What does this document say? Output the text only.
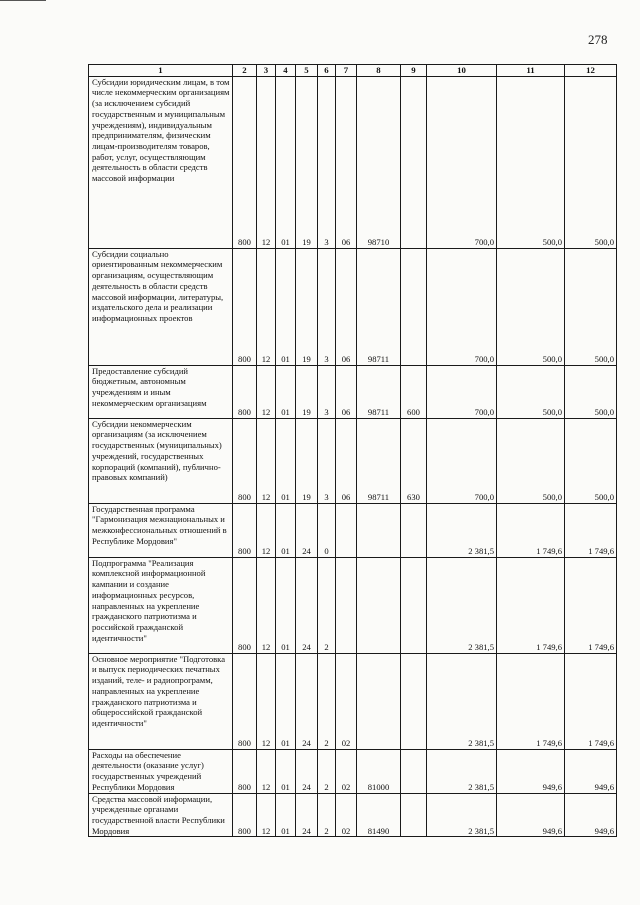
278
1	2	3	4	5	6	7	8	9	10	11	12
Субсидии юридическим лицам, в том числе некоммерческим организациям (за исключением субсидий государственным и муниципальным учреждениям), индивидуальным предпринимателям, физическим лицам-производителям товаров, работ, услуг, осуществляющим деятельность в области средств массовой информации	800	12	01	19	3	06	98710		700,0	500,0	500,0
Субсидии социально ориентированным некоммерческим организациям, осуществляющим деятельность в области средств массовой информации, литературы, издательского дела и реализации информационных проектов	800	12	01	19	3	06	98711		700,0	500,0	500,0
Предоставление субсидий бюджетным, автономным учреждениям и иным некоммерческим организациям	800	12	01	19	3	06	98711	600	700,0	500,0	500,0
Субсидии некоммерческим организациям (за исключением государственных (муниципальных) учреждений, государственных корпораций (компаний), публично-правовых компаний)	800	12	01	19	3	06	98711	630	700,0	500,0	500,0
Государственная программа "Гармонизация межнациональных и межконфессиональных отношений в Республике Мордовия"	800	12	01	24	0				2 381,5	1 749,6	1 749,6
Подпрограмма "Реализация комплексной информационной кампании и создание информационных ресурсов, направленных на укрепление гражданского патриотизма и российской гражданской идентичности"	800	12	01	24	2				2 381,5	1 749,6	1 749,6
Основное мероприятие "Подготовка и выпуск периодических печатных изданий, теле- и радиопрограмм, направленных на укрепление гражданского патриотизма и общероссийской гражданской идентичности"	800	12	01	24	2	02			2 381,5	1 749,6	1 749,6
Расходы на обеспечение деятельности (оказание услуг) государственных учреждений Республики Мордовия	800	12	01	24	2	02	81000		2 381,5	949,6	949,6
Средства массовой информации, учрежденные органами государственной власти Республики Мордовия	800	12	01	24	2	02	81490		2 381,5	949,6	949,6
